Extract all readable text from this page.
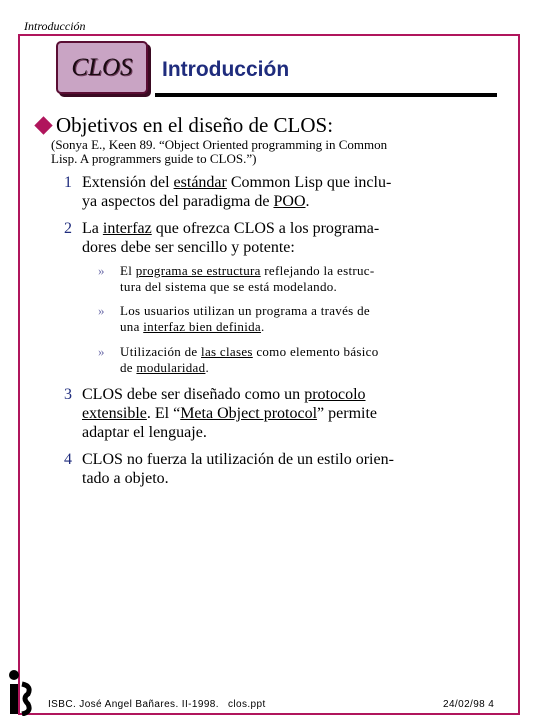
Introducción
CLOS Introducción
Objetivos en el diseño de CLOS:
(Sonya E., Keen 89. “Object Oriented programming in Common
Lisp. A programmers guide to CLOS.”)
1 Extensión del estándar Common Lisp que inclu-
ya aspectos del paradigma de POO.
2 La interfaz que ofrezca CLOS a los programa-
dores debe ser sencillo y potente:
» El programa se estructura reflejando la estruc-
tura del sistema que se está modelando.
» Los usuarios utilizan un programa a través de
una interfaz bien definida.
» Utilización de las clases como elemento básico
de modularidad.
3 CLOS debe ser diseñado como un protocolo
extensible. El “Meta Object protocol” permite
adaptar el lenguaje.
4 CLOS no fuerza la utilización de un estilo orien-
tado a objeto.
ISBC. José Angel Bañares. II-1998. clos.ppt	24/02/98 4
